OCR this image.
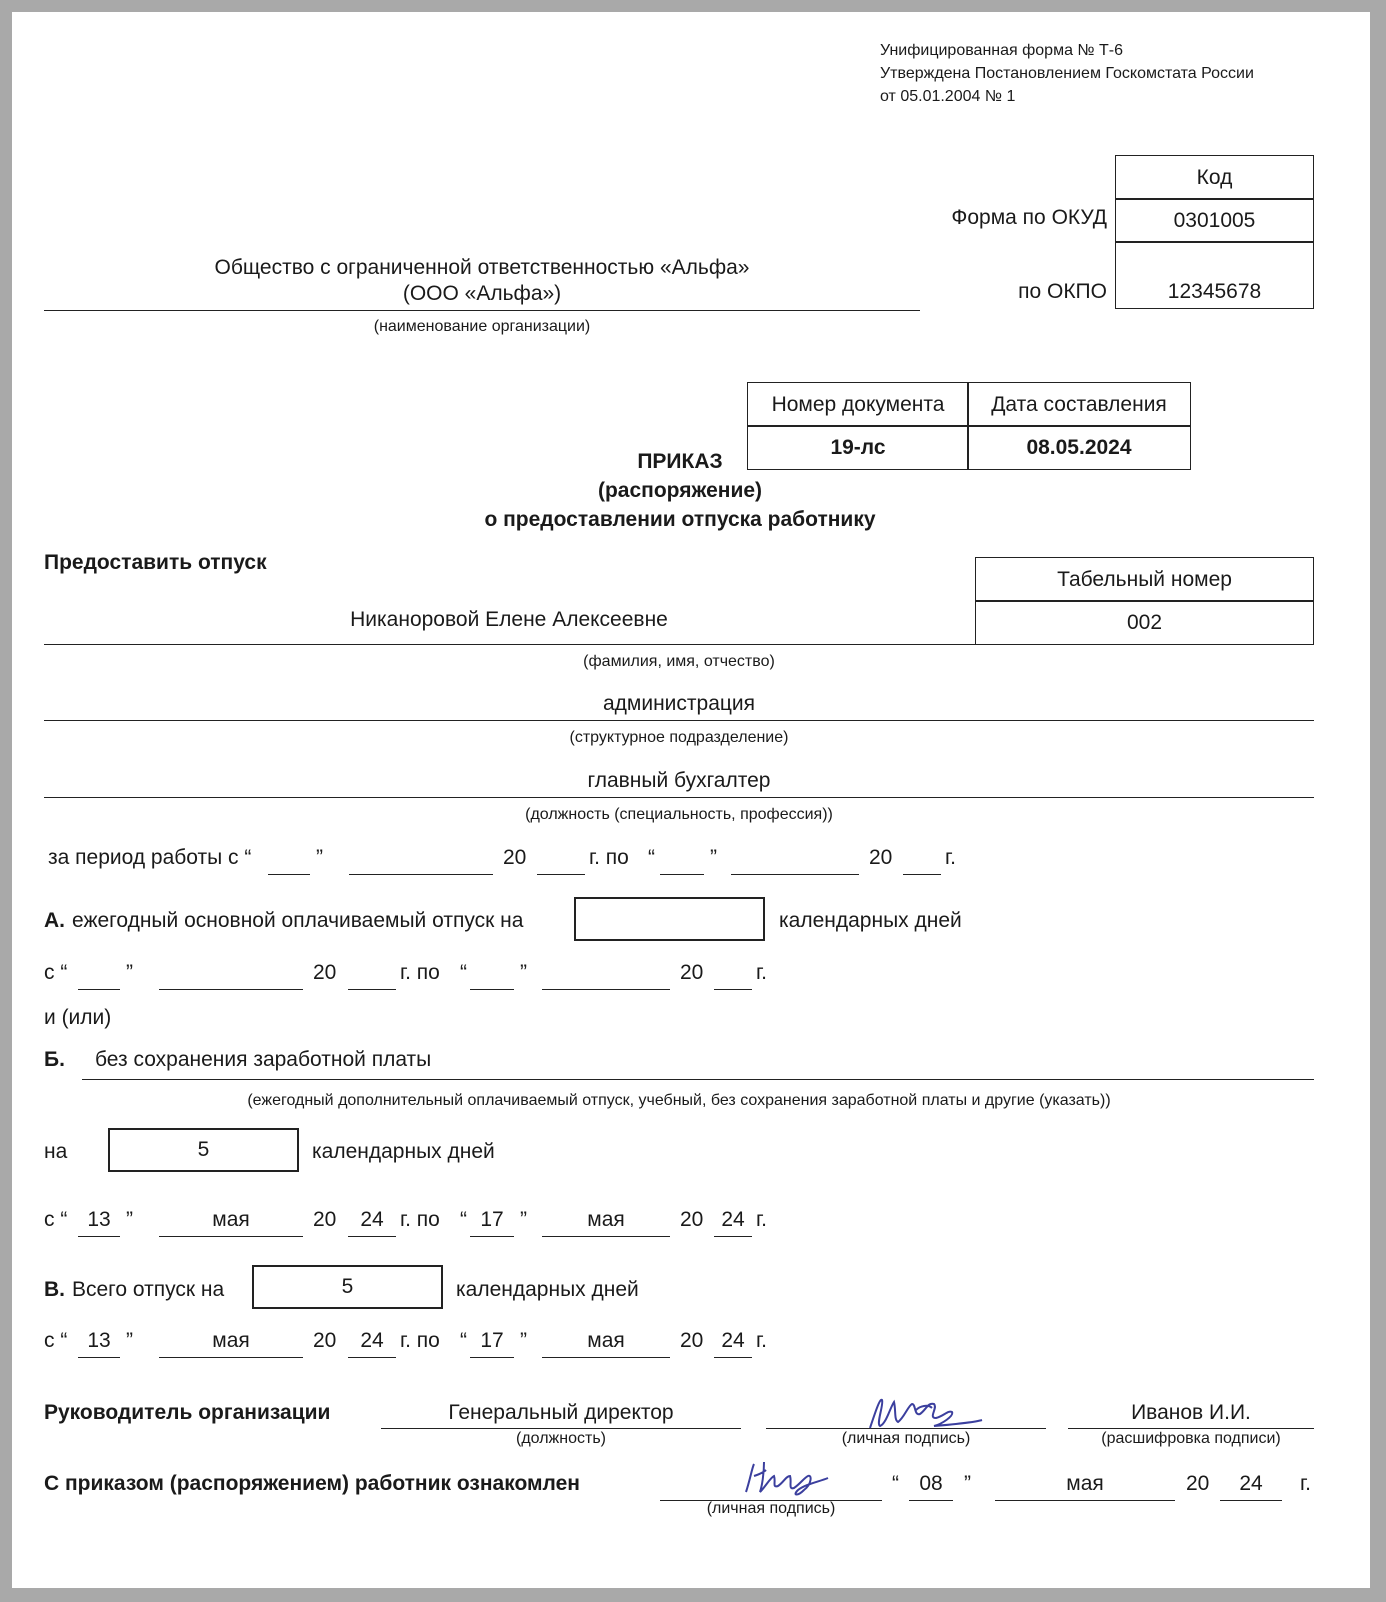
Унифицированная форма № Т-6
Утверждена Постановлением Госкомстата России
от 05.01.2004 № 1
Код
0301005
12345678
Форма по ОКУД
по ОКПО
Общество с ограниченной ответственностью «Альфа»
(ООО «Альфа»)
(наименование организации)
Номер документа	Дата составления
19-лс	08.05.2024
ПРИКАЗ
(распоряжение)
о предоставлении отпуска работнику
Предоставить отпуск
Табельный номер
002
Никаноровой Елене Алексеевне
(фамилия, имя, отчество)
администрация
(структурное подразделение)
главный бухгалтер
(должность (специальность, профессия))
за период работы с “	”	20	г. по “	”	20	г.
А. ежегодный основной оплачиваемый отпуск на	календарных дней
с “	”	20	г. по “	”	20	г.
и (или)
Б. без сохранения заработной платы
(ежегодный дополнительный оплачиваемый отпуск, учебный, без сохранения заработной платы и другие (указать))
на	5	календарных дней
с “ 13 ”	мая	20	24 г. по “ 17 ”	мая	20 24 г.
В. Всего отпуск на	5	календарных дней
с “ 13 ”	мая	20	24 г. по “ 17 ”	мая	20 24 г.
Руководитель организации	Генеральный директор
(должность)	(личная подпись)
Иванов И.И.
(расшифровка подписи)
С приказом (распоряжением) работник ознакомлен
(личная подпись)
“ 08	”	мая	20	24	г.
